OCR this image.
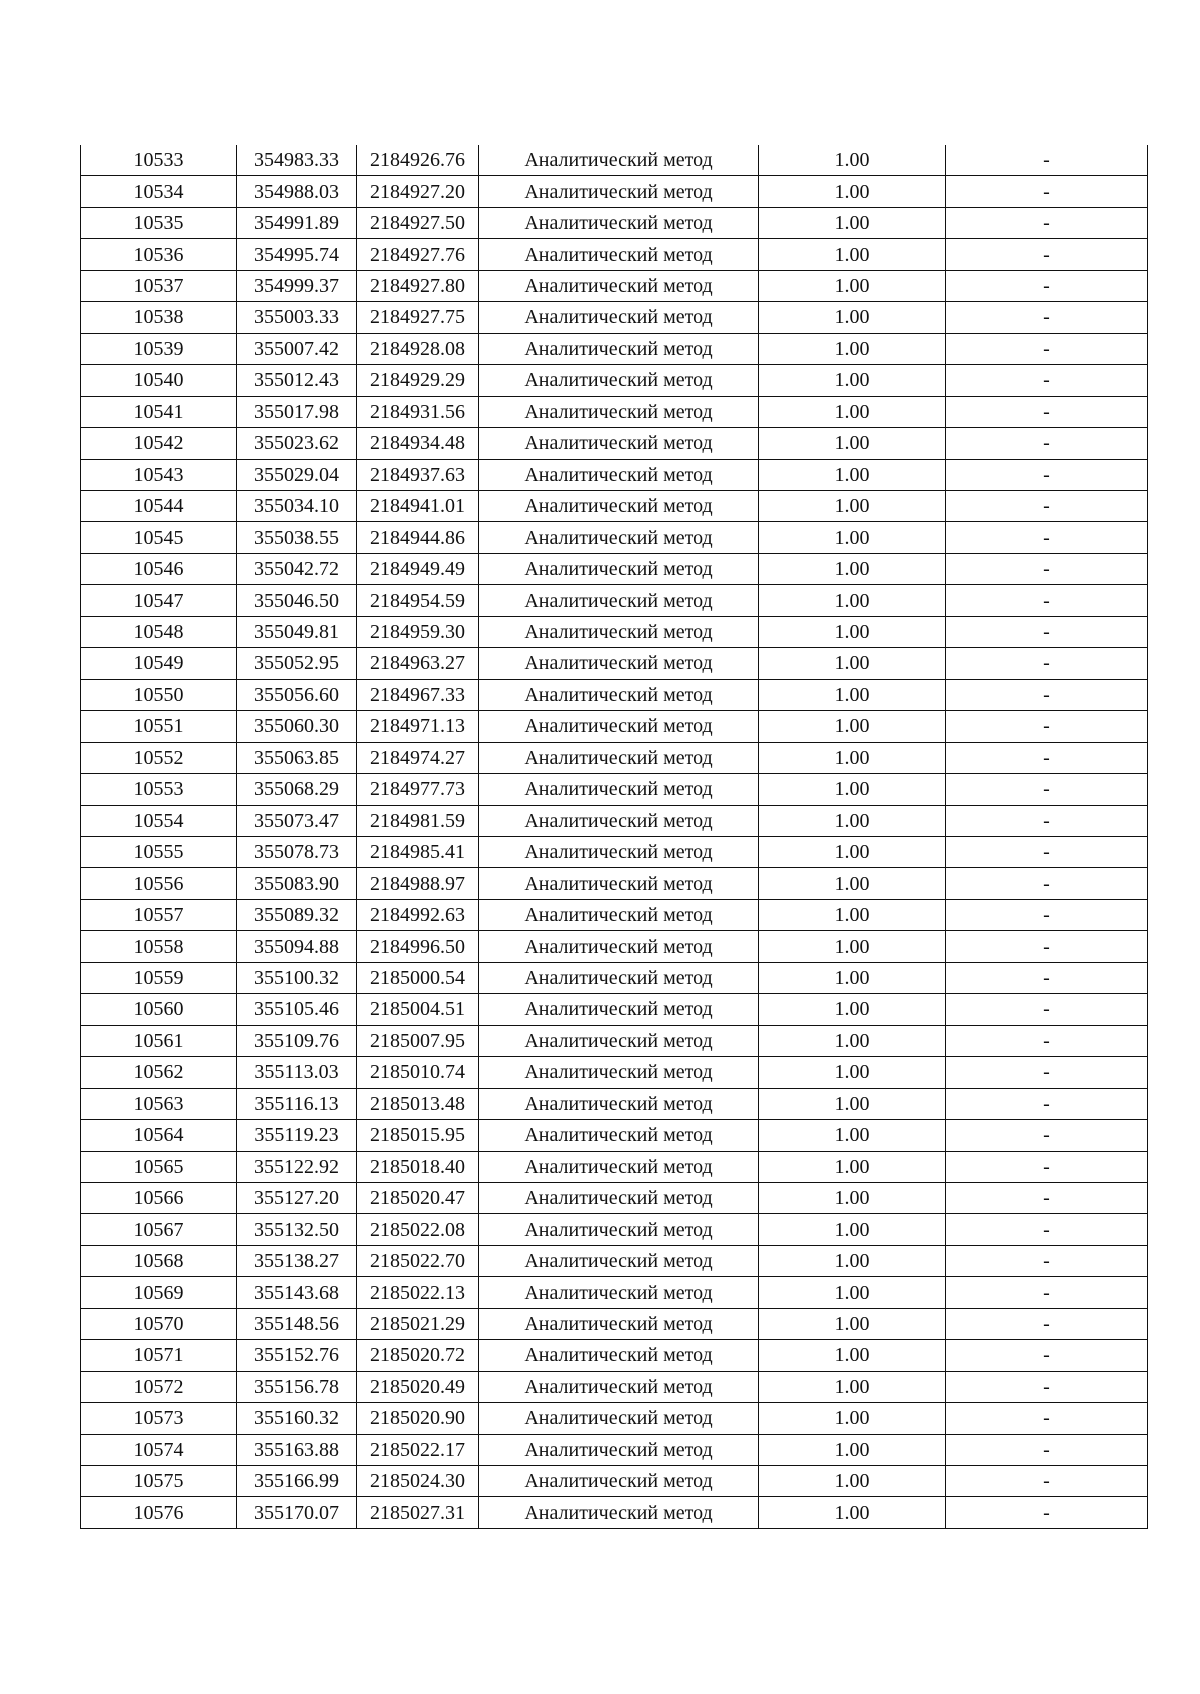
10533	354983.33	2184926.76	Аналитический метод	1.00	-
10534	354988.03	2184927.20	Аналитический метод	1.00	-
10535	354991.89	2184927.50	Аналитический метод	1.00	-
10536	354995.74	2184927.76	Аналитический метод	1.00	-
10537	354999.37	2184927.80	Аналитический метод	1.00	-
10538	355003.33	2184927.75	Аналитический метод	1.00	-
10539	355007.42	2184928.08	Аналитический метод	1.00	-
10540	355012.43	2184929.29	Аналитический метод	1.00	-
10541	355017.98	2184931.56	Аналитический метод	1.00	-
10542	355023.62	2184934.48	Аналитический метод	1.00	-
10543	355029.04	2184937.63	Аналитический метод	1.00	-
10544	355034.10	2184941.01	Аналитический метод	1.00	-
10545	355038.55	2184944.86	Аналитический метод	1.00	-
10546	355042.72	2184949.49	Аналитический метод	1.00	-
10547	355046.50	2184954.59	Аналитический метод	1.00	-
10548	355049.81	2184959.30	Аналитический метод	1.00	-
10549	355052.95	2184963.27	Аналитический метод	1.00	-
10550	355056.60	2184967.33	Аналитический метод	1.00	-
10551	355060.30	2184971.13	Аналитический метод	1.00	-
10552	355063.85	2184974.27	Аналитический метод	1.00	-
10553	355068.29	2184977.73	Аналитический метод	1.00	-
10554	355073.47	2184981.59	Аналитический метод	1.00	-
10555	355078.73	2184985.41	Аналитический метод	1.00	-
10556	355083.90	2184988.97	Аналитический метод	1.00	-
10557	355089.32	2184992.63	Аналитический метод	1.00	-
10558	355094.88	2184996.50	Аналитический метод	1.00	-
10559	355100.32	2185000.54	Аналитический метод	1.00	-
10560	355105.46	2185004.51	Аналитический метод	1.00	-
10561	355109.76	2185007.95	Аналитический метод	1.00	-
10562	355113.03	2185010.74	Аналитический метод	1.00	-
10563	355116.13	2185013.48	Аналитический метод	1.00	-
10564	355119.23	2185015.95	Аналитический метод	1.00	-
10565	355122.92	2185018.40	Аналитический метод	1.00	-
10566	355127.20	2185020.47	Аналитический метод	1.00	-
10567	355132.50	2185022.08	Аналитический метод	1.00	-
10568	355138.27	2185022.70	Аналитический метод	1.00	-
10569	355143.68	2185022.13	Аналитический метод	1.00	-
10570	355148.56	2185021.29	Аналитический метод	1.00	-
10571	355152.76	2185020.72	Аналитический метод	1.00	-
10572	355156.78	2185020.49	Аналитический метод	1.00	-
10573	355160.32	2185020.90	Аналитический метод	1.00	-
10574	355163.88	2185022.17	Аналитический метод	1.00	-
10575	355166.99	2185024.30	Аналитический метод	1.00	-
10576	355170.07	2185027.31	Аналитический метод	1.00	-
